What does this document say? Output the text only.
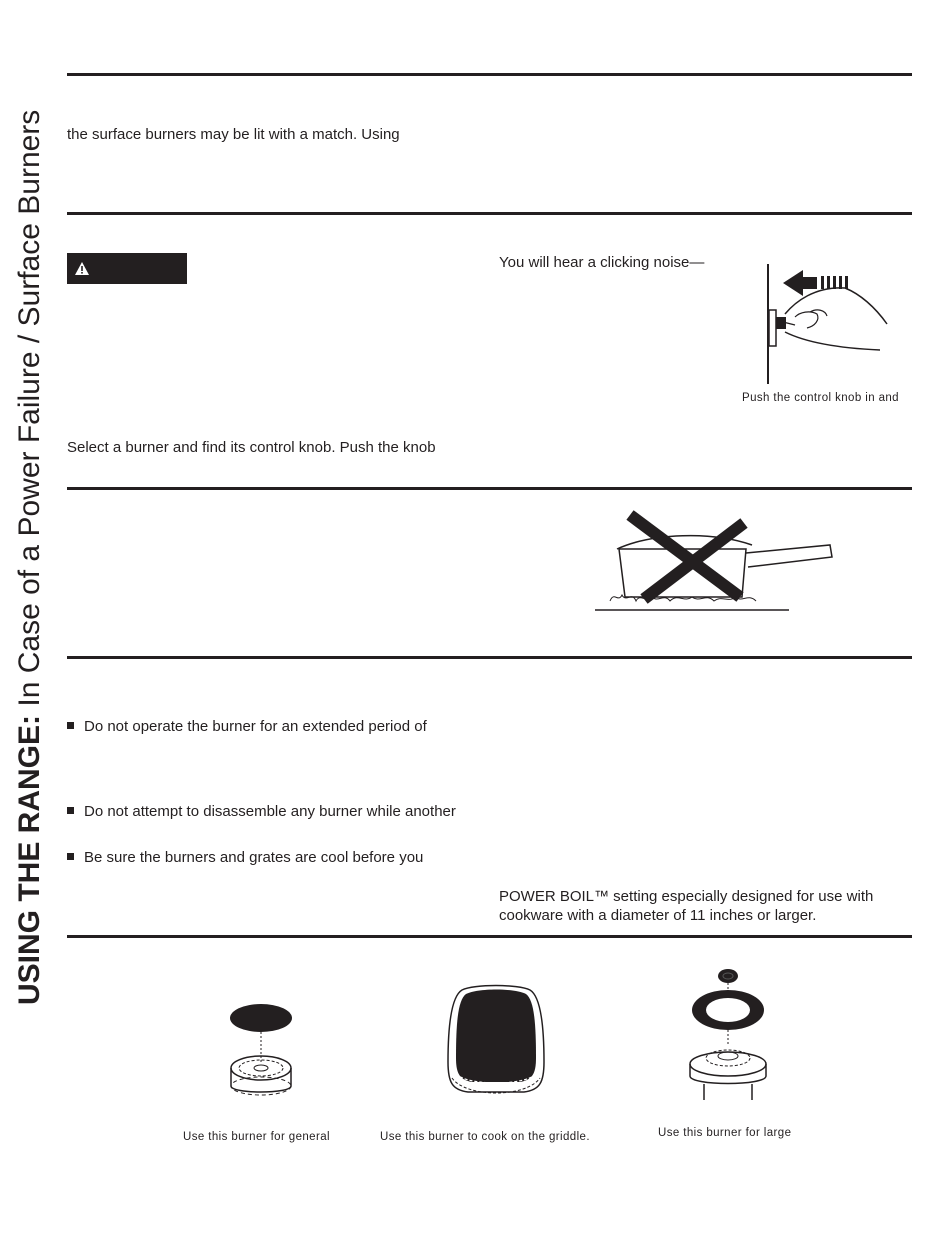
USING THE RANGE: In Case of a Power Failure / Surface Burners the surface burners may be lit with a match. Using
You will hear a clicking noise—
Push the control knob in and
Select a burner and find its control knob. Push the knob
Do not operate the burner for an extended period of
Do not attempt to disassemble any burner while another
Be sure the burners and grates are cool before you
POWER BOIL™ setting especially designed for use with
cookware with a diameter of 11 inches or larger.
Use this burner for general	Use this burner to cook on the griddle.	Use this burner for large
